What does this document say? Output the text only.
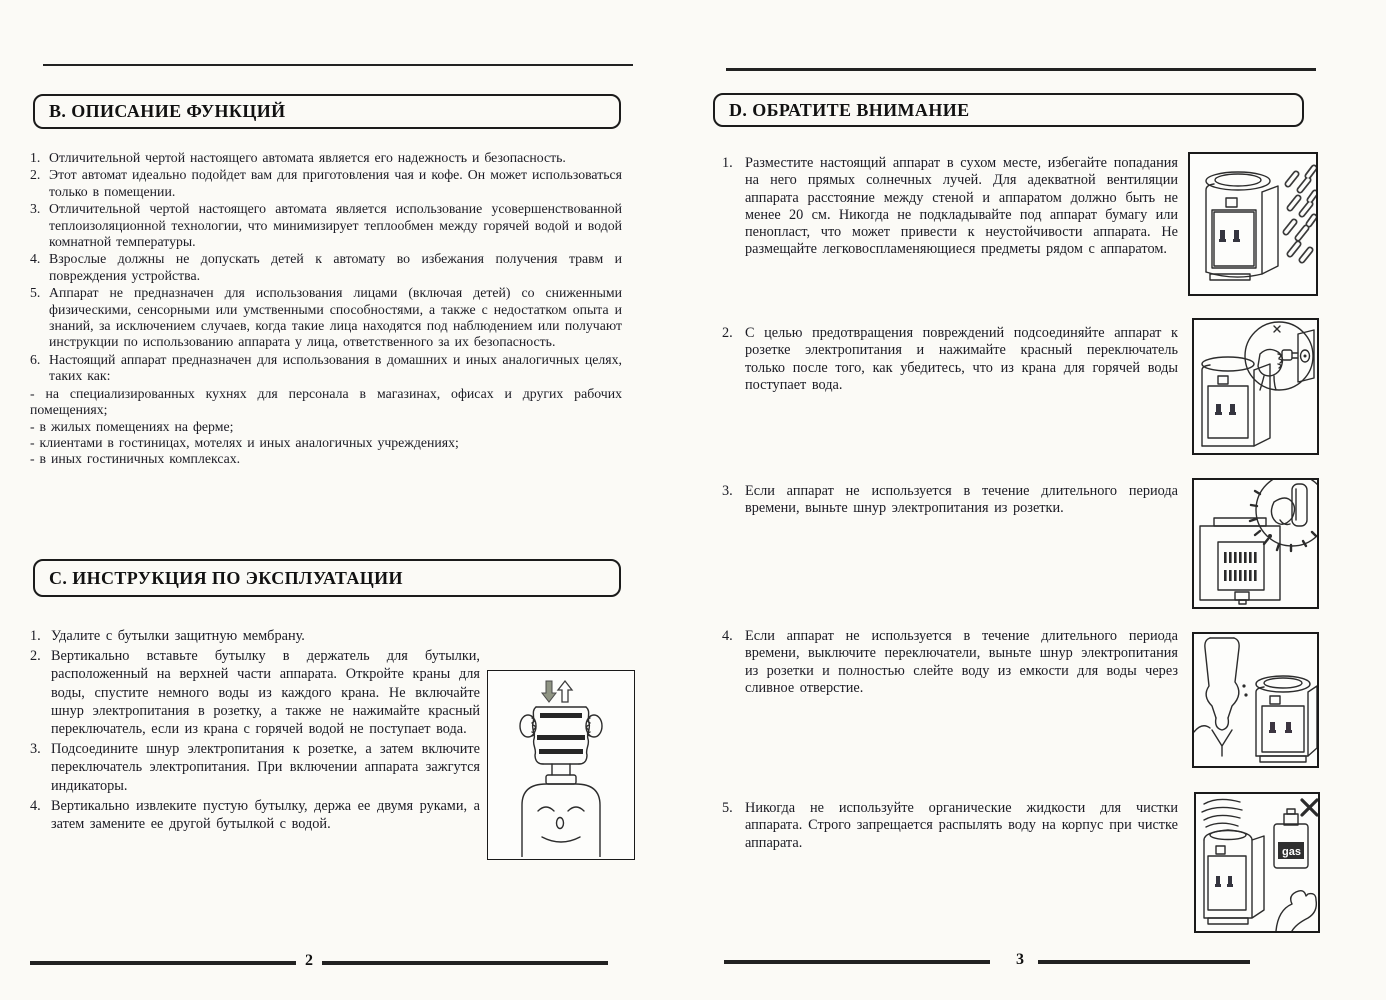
В. ОПИСАНИЕ ФУНКЦИЙ
1. Отличительной чертой настоящего автомата является его надежность и безопасность.
2. Этот автомат идеально подойдет вам для приготовления чая и кофе. Он может использоваться только в помещении.
3. Отличительной чертой настоящего автомата является использование усовершенствованной теплоизоляционной технологии, что минимизирует теплообмен между горячей водой и водой комнатной температуры.
4. Взрослые должны не допускать детей к автомату во избежания получения травм и повреждения устройства.
5. Аппарат не предназначен для использования лицами (включая детей) со сниженными физическими, сенсорными или умственными способностями, а также с недостатком опыта и знаний, за исключением случаев, когда такие лица находятся под наблюдением или получают инструкции по использованию аппарата у лица, ответственного за их безопасность.
6. Настоящий аппарат предназначен для использования в домашних и иных аналогичных целях, таких как:
- на специализированных кухнях для персонала в магазинах, офисах и других рабочих помещениях;
- в жилых помещениях на ферме;
- клиентами в гостиницах, мотелях и иных аналогичных учреждениях;
- в иных гостиничных комплексах.
С. ИНСТРУКЦИЯ ПО ЭКСПЛУАТАЦИИ
1. Удалите с бутылки защитную мембрану.
2. Вертикально вставьте бутылку в держатель для бутылки, расположенный на верхней части аппарата. Откройте краны для воды, спустите немного воды из каждого крана. Не включайте шнур электропитания в розетку, а также не нажимайте красный переключатель, если из крана с горячей водой не поступает вода.
3. Подсоедините шнур электропитания к розетке, а затем включите переключатель электропитания. При включении аппарата зажгутся индикаторы.
4. Вертикально извлеките пустую бутылку, держа ее двумя руками, а затем замените ее другой бутылкой с водой.
2
D. ОБРАТИТЕ ВНИМАНИЕ
1. Разместите настоящий аппарат в сухом месте, избегайте попадания на него прямых солнечных лучей. Для адекватной вентиляции аппарата расстояние между стеной и аппаратом должно быть не менее 20 см. Никогда не подкладывайте под аппарат бумагу или пенопласт, что может привести к неустойчивости аппарата. Не размещайте легковоспламеняющиеся предметы рядом с аппаратом.
2. С целью предотвращения повреждений подсоединяйте аппарат к розетке электропитания и нажимайте красный переключатель только после того, как убедитесь, что из крана для горячей воды поступает вода.
3. Если аппарат не используется в течение длительного периода времени, выньте шнур электропитания из розетки.
4. Если аппарат не используется в течение длительного периода времени, выключите переключатели, выньте шнур электропитания из розетки и полностью слейте воду из емкости для воды через сливное отверстие.
5. Никогда не используйте органические жидкости для чистки аппарата. Строго запрещается распылять воду на корпус при чистке аппарата.
gas
3
